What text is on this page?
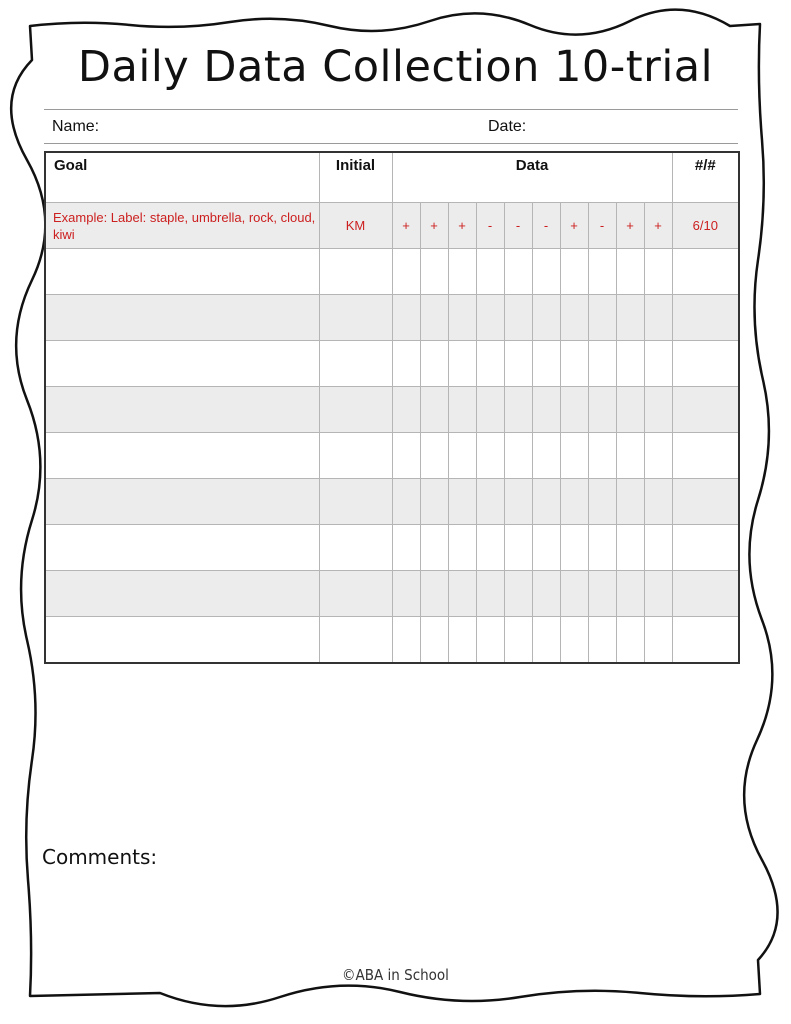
Daily Data Collection 10-trial
Name:	Date:
Goal	Initial	Data										#/#
Example: Label: staple, umbrella, rock, cloud, kiwi	KM	+	+	+	-	-	-	+	-	+	+	6/10

Comments:
©ABA in School
